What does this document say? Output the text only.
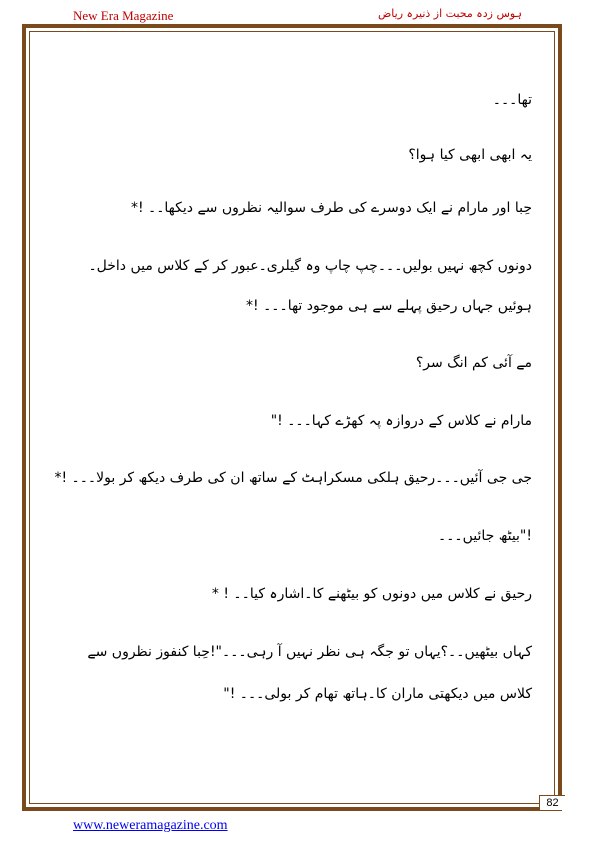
New Era Magazine	ہوس زدہ محبت از ذنیرہ ریاض
تھا۔۔۔
یہ ابھی ابھی کیا ہوا؟
حِبا اور مارام نے ایک دوسرے کی طرف سوالیہ نظروں سے دیکھا۔۔ !*
دونوں کچھ نہیں بولیں۔۔۔چپ چاپ وہ گیلری۔عبور کر کے کلاس میں داخل۔
ہوئیں جہاں رحیق پہلے سے ہی موجود تھا۔۔۔ !*
مے آئی کم انگ سر؟
مارام نے کلاس کے دروازہ پہ کھڑے کہا۔۔۔ !"
جی جی آئیں۔۔۔رحیق ہلکی مسکراہٹ کے ساتھ ان کی طرف دیکھ کر بولا۔۔۔ !*
!"بیٹھ جائیں۔۔۔
رحیق نے کلاس میں دونوں کو بیٹھنے کا۔اشارہ کیا۔۔ ! *
کہاں بیٹھیں۔۔؟یہاں تو جگہ ہی نظر نہیں آ رہی۔۔۔"!حِبا کنفوز نظروں سے
کلاس میں دیکھتی ماران کا۔ہاتھ تھام کر بولی۔۔۔ !"
82
www.neweramagazine.com
